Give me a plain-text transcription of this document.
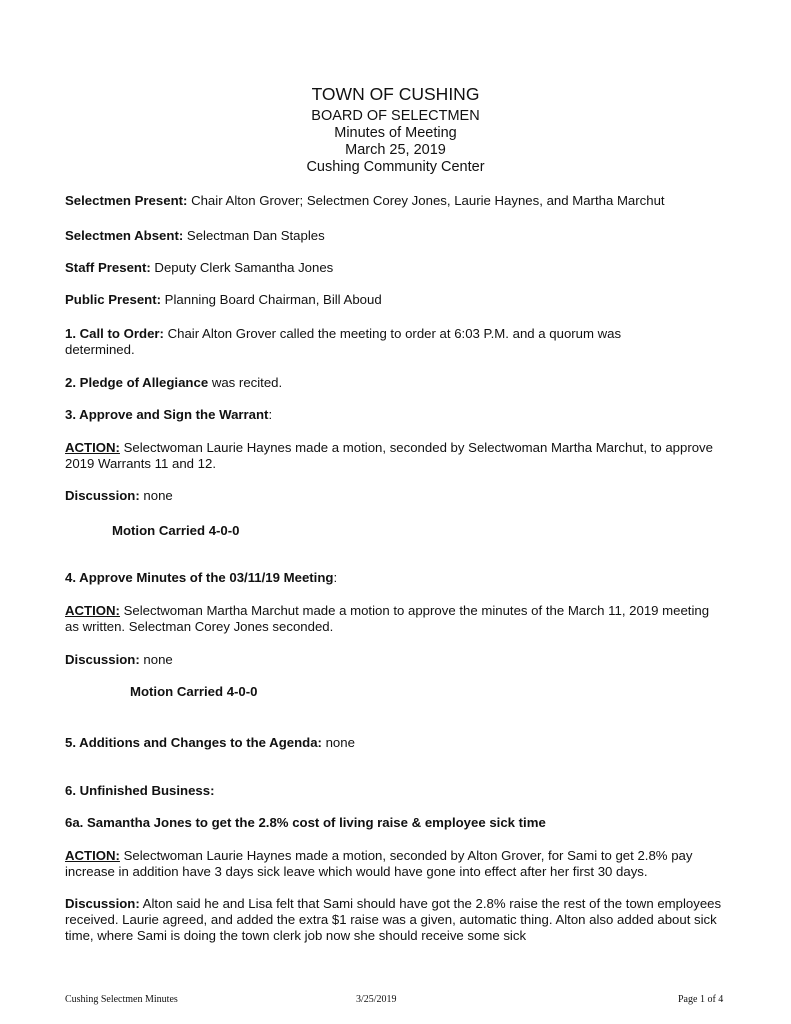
TOWN OF CUSHING
BOARD OF SELECTMEN
Minutes of Meeting
March 25, 2019
Cushing Community Center
Selectmen Present: Chair Alton Grover; Selectmen Corey Jones, Laurie Haynes, and Martha Marchut
Selectmen Absent: Selectman Dan Staples
Staff Present: Deputy Clerk Samantha Jones
Public Present: Planning Board Chairman, Bill Aboud
1. Call to Order: Chair Alton Grover called the meeting to order at 6:03 P.M. and a quorum was determined.
2. Pledge of Allegiance was recited.
3. Approve and Sign the Warrant:
ACTION: Selectwoman Laurie Haynes made a motion, seconded by Selectwoman Martha Marchut, to approve 2019 Warrants 11 and 12.
Discussion: none
Motion Carried 4-0-0
4. Approve Minutes of the 03/11/19 Meeting:
ACTION: Selectwoman Martha Marchut made a motion to approve the minutes of the March 11, 2019 meeting as written. Selectman Corey Jones seconded.
Discussion: none
Motion Carried 4-0-0
5. Additions and Changes to the Agenda: none
6. Unfinished Business:
6a. Samantha Jones to get the 2.8% cost of living raise & employee sick time
ACTION: Selectwoman Laurie Haynes made a motion, seconded by Alton Grover, for Sami to get 2.8% pay increase in addition have 3 days sick leave which would have gone into effect after her first 30 days.
Discussion: Alton said he and Lisa felt that Sami should have got the 2.8% raise the rest of the town employees received. Laurie agreed, and added the extra $1 raise was a given, automatic thing. Alton also added about sick time, where Sami is doing the town clerk job now she should receive some sick
Cushing Selectmen Minutes	3/25/2019	Page 1 of 4
